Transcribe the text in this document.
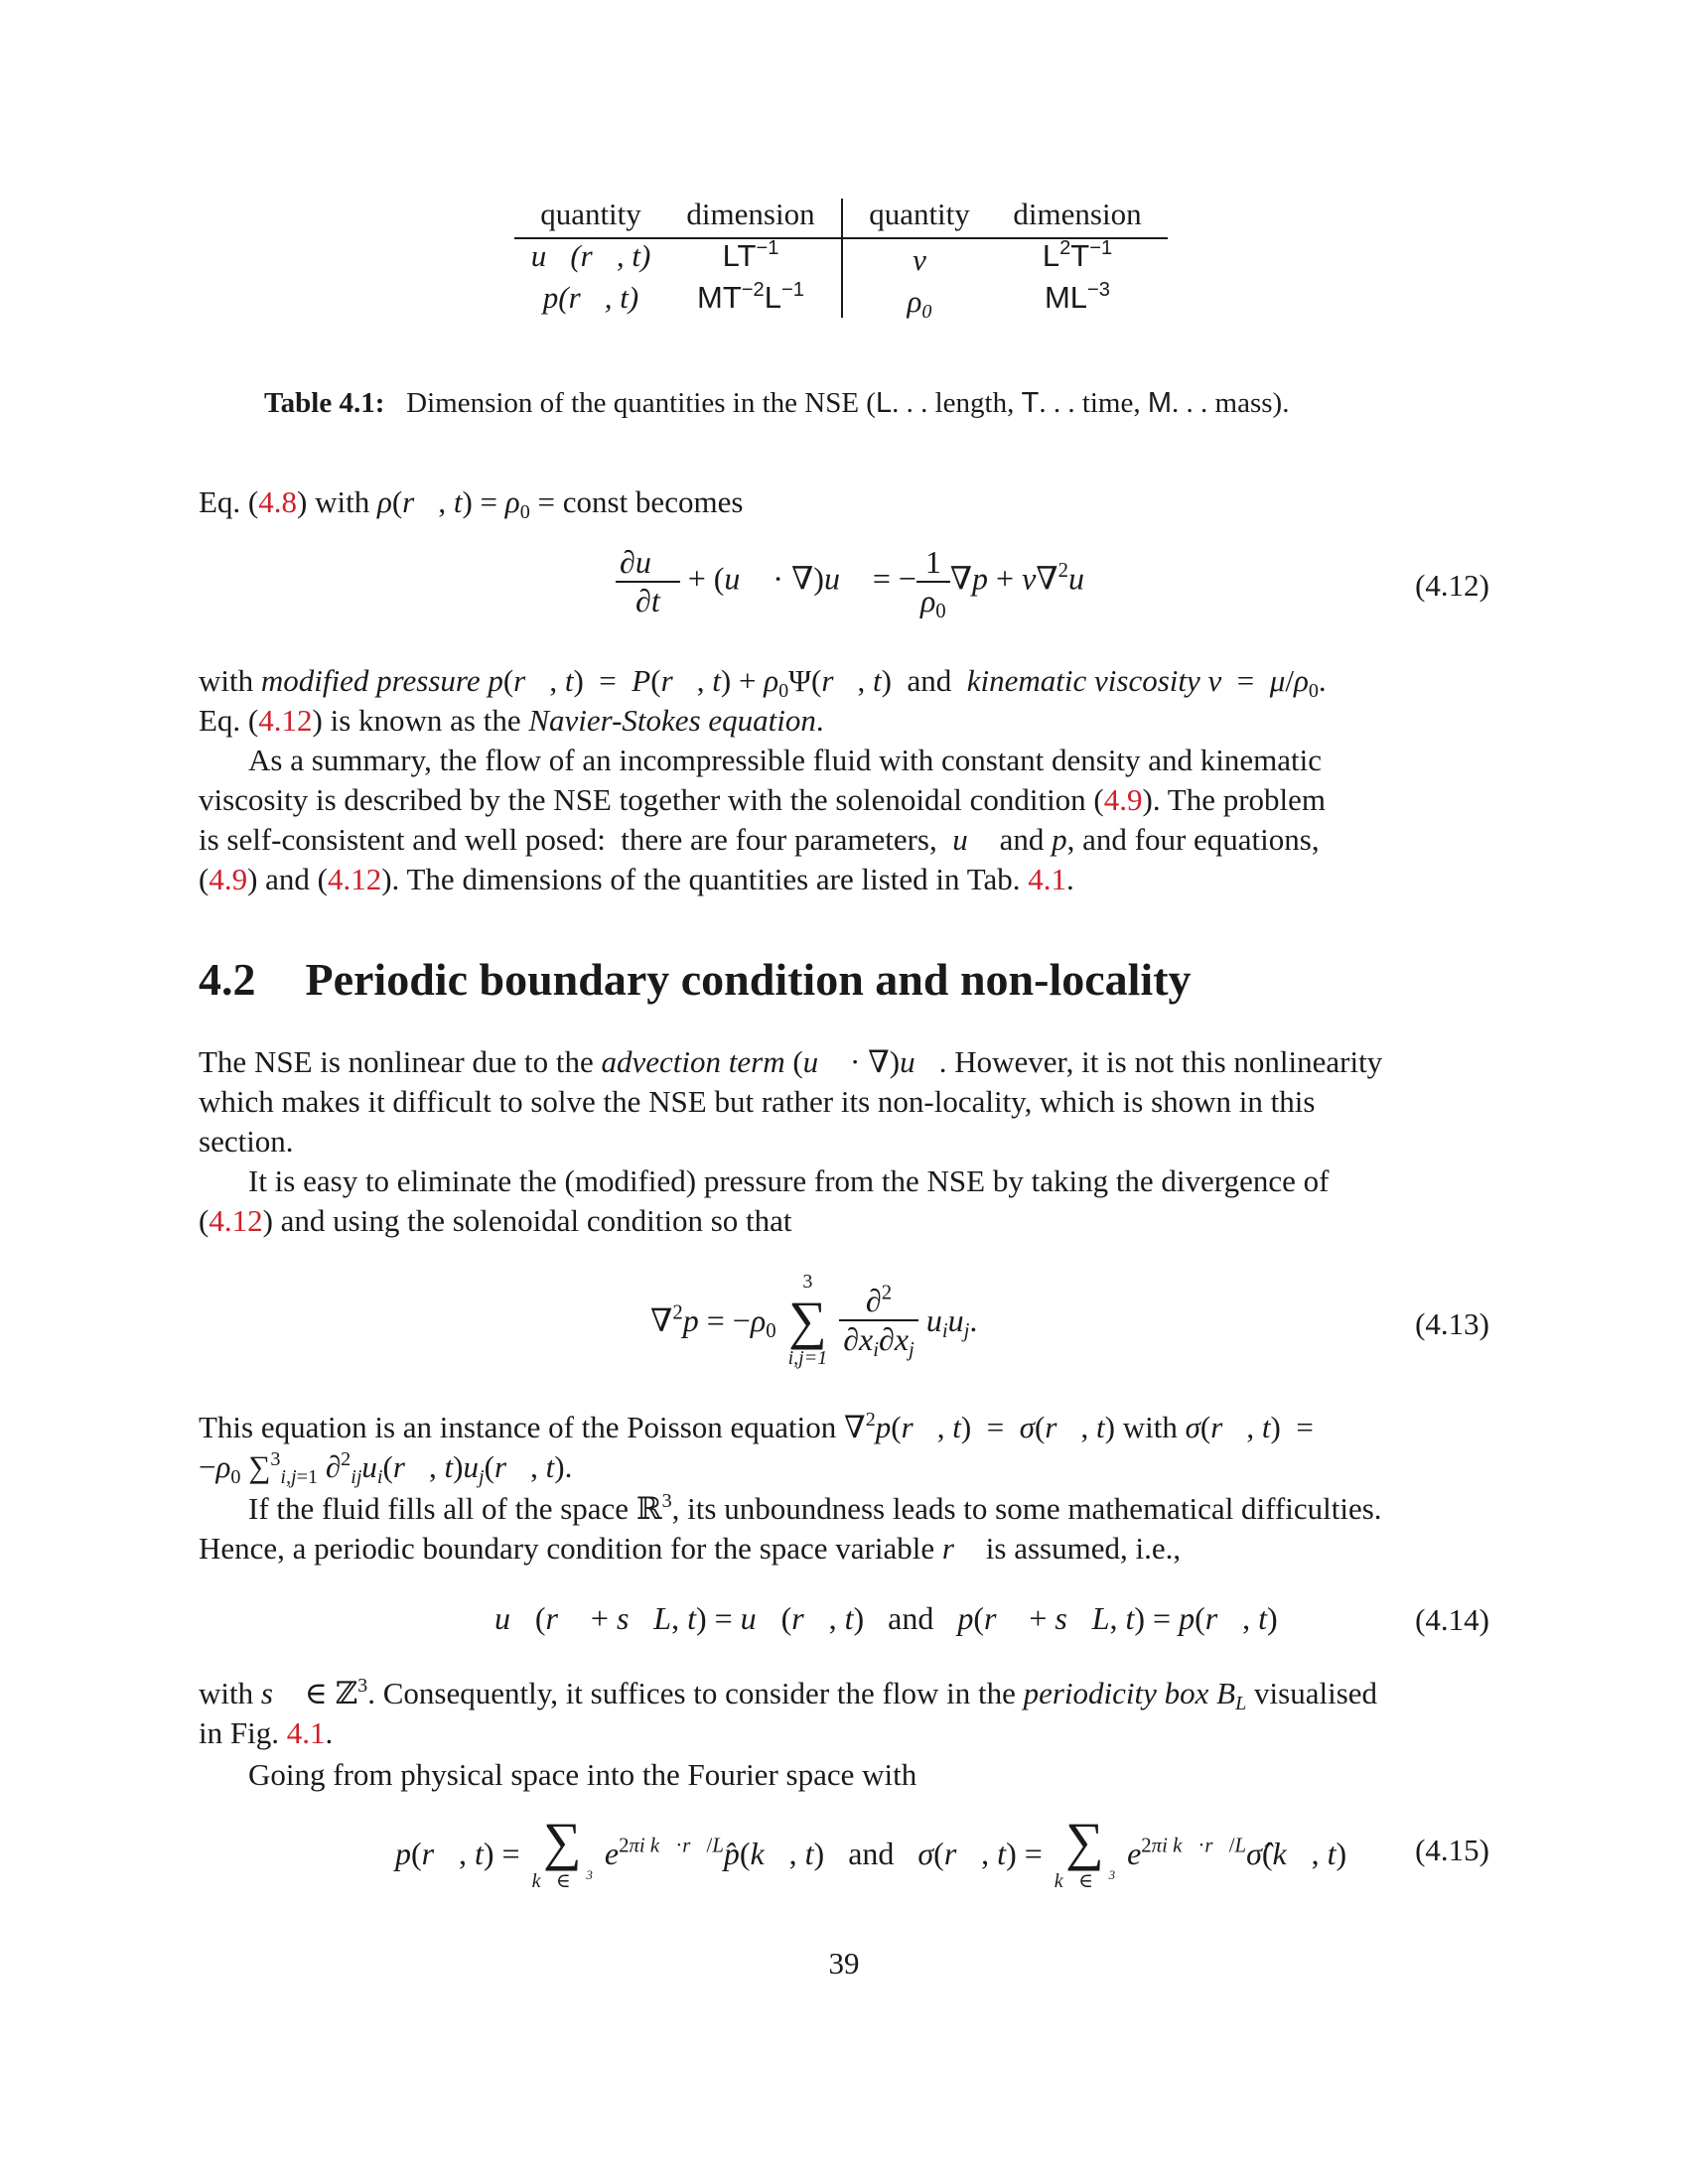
quantity	dimension	quantity	dimension
u⃗(r⃗, t)	$LT^{-1}$	ν	$L^2T^{-1}$
p(r⃗, t)	$MT^{-2}L^{-1}$	$\rho_0$	$ML^{-3}$
Table 4.1:   Dimension of the quantities in the NSE (L. . . length, T. . . time, M. . . mass).
Eq. (4.8) with ρ(r⃗, $t) = \rho_0$ = const becomes
$\frac{\partial u⃗}{\partial t}$ + (u⃗ · ∇)u⃗ = − $\frac{1}{\rho_0} \nabla p$ + ν∇$^2$u⃗	(4.12)
with modified pressure p(r⃗, t)  =  P(r⃗, $t) + \rho_0\Psi(r⃗$, t)  and  kinematic viscosity $\nu = \mu/\rho_0$.
Eq. (4.12) is known as the Navier-Stokes equation.
As a summary, the flow of an incompressible fluid with constant density and kinematic
viscosity is described by the NSE together with the solenoidal condition (4.9). The problem
is self-consistent and well posed:  there are four parameters,  u⃗ and p, and four equations,
(4.9) and (4.12). The dimensions of the quantities are listed in Tab. 4.1.
4.2 Periodic boundary condition and non-locality
The NSE is nonlinear due to the advection term (u⃗ · ∇)u⃗. However, it is not this nonlinearity
which makes it difficult to solve the NSE but rather its non-locality, which is shown in this
section.
It is easy to eliminate the (modified) pressure from the NSE by taking the divergence of
(4.12) and using the solenoidal condition so that
$\nabla^2p = -\rho_0$
3
∑
i,j=1
$\frac{\partial^2}{\partial x_i\partial x_j} u_iu_j$.	(4.13)
This equation is an instance of the Poisson equation ∇$^2$p(r⃗, t)  =  σ(r⃗, t) with σ(r⃗, t)  =
$-\rho_0$ ∑$^3_{i,j=1}$ $\partial^2_{ij}u_i(r⃗$, $t)u_j(r⃗$, t).
If the fluid fills all of the space ℝ$^3$, its unboundness leads to some mathematical difficulties.
Hence, a periodic boundary condition for the space variable r⃗ is assumed, i.e.,
u⃗(r⃗ + s⃗L, t) = u⃗(r⃗, t)   and p(r⃗ + s⃗L, t) = p(r⃗, t)	(4.14)
with s⃗ ∈ ℤ$^3$. Consequently, it suffices to consider the flow in the periodicity box $B_L$ visualised
in Fig. 4.1.
Going from physical space into the Fourier space with
p(r⃗, t) = ∑
k⃗∈ℤ$^3$
$e^{2\pi i k⃗\cdot r⃗/L}p̂(k⃗$, t)   and σ(r⃗, t) = ∑
k⃗∈ℤ$^3$
$e^{2\pi i k⃗\cdot r⃗/L}\sigmâ(k⃗$, t) (4.15)
39
